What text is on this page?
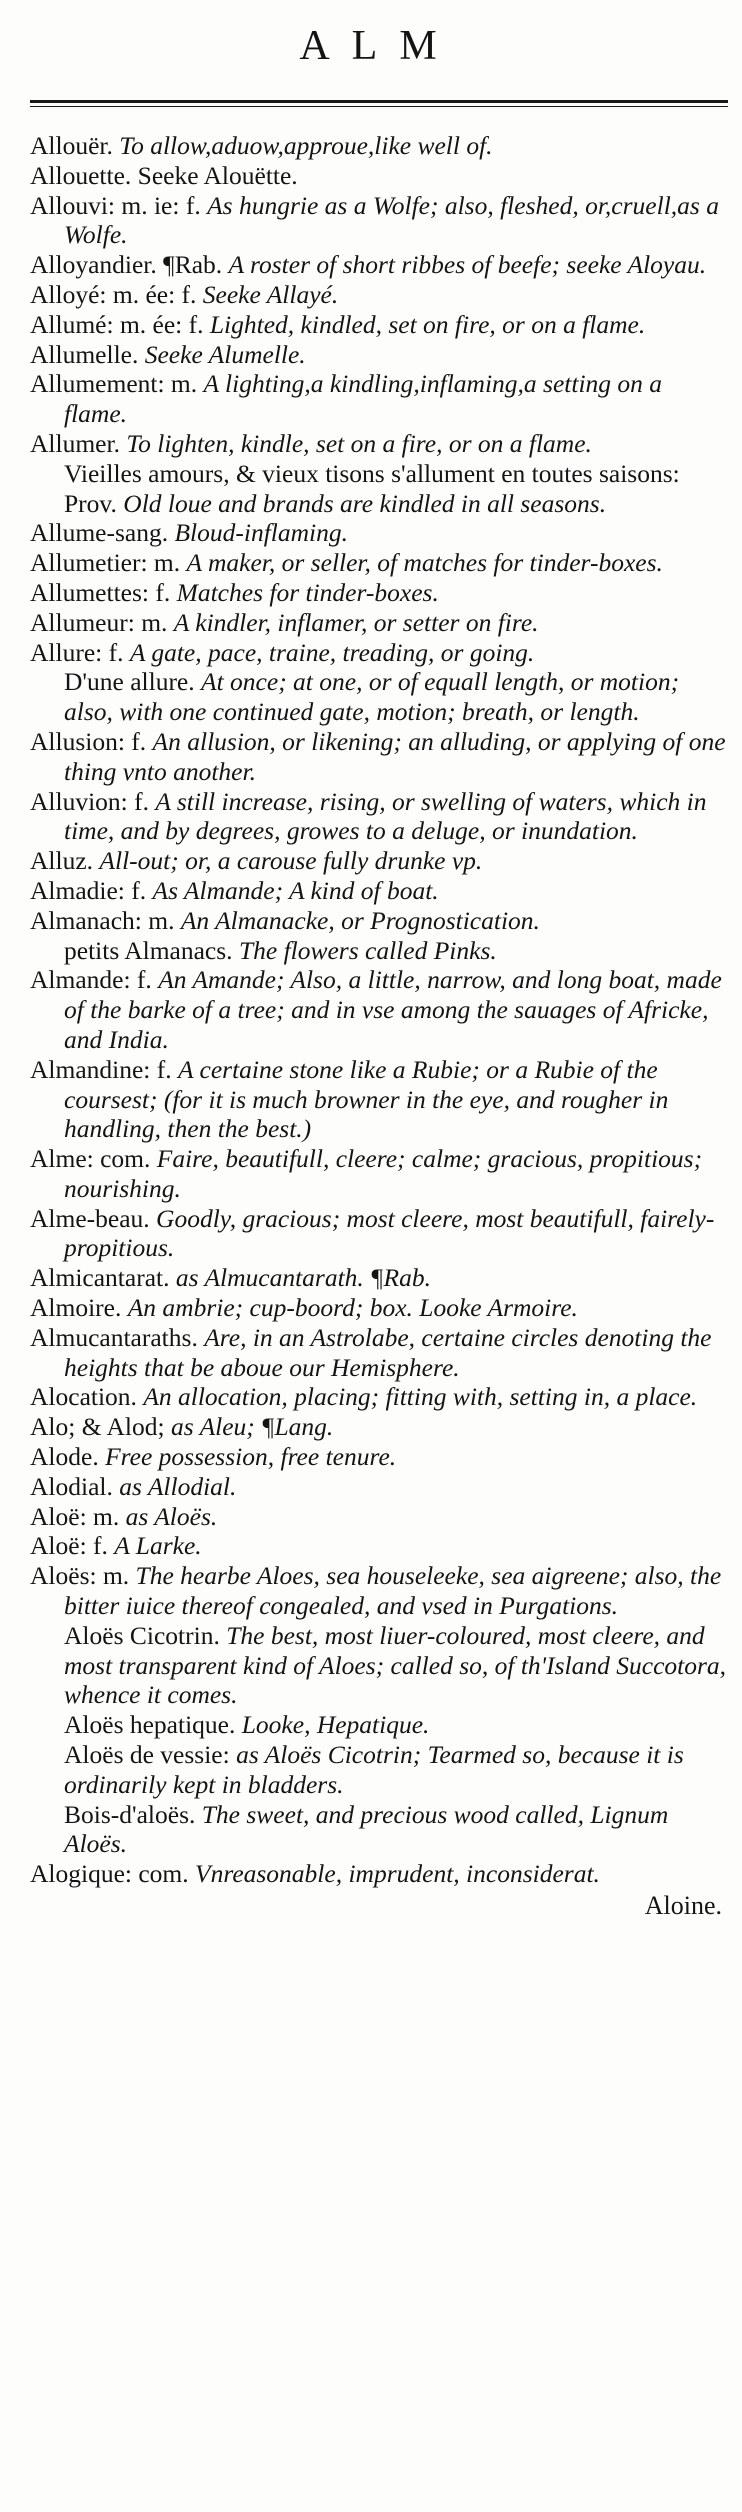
ALM

Allouër. To allow,aduow,approue,like well of.

Allouette. Seeke Alouëtte.

Allouvi: m. ie: f. As hungrie as a Wolfe; also, fleshed, or,cruell,as a Wolfe.

Alloyandier. ¶Rab. A roster of short ribbes of beefe; seeke Aloyau.

Alloyé: m. ée: f. Seeke Allayé.

Allumé: m. ée: f. Lighted, kindled, set on fire, or on a flame.

Allumelle. Seeke Alumelle.

Allumement: m. A lighting,a kindling,inflaming,a setting on a flame.

Allumer. To lighten, kindle, set on a fire, or on a flame.

Vieilles amours, & vieux tisons s'allument en toutes saisons: Prov. Old loue and brands are kindled in all seasons.

Allume-sang. Bloud-inflaming.

Allumetier: m. A maker, or seller, of matches for tinder-boxes.

Allumettes: f. Matches for tinder-boxes.

Allumeur: m. A kindler, inflamer, or setter on fire.

Allure: f. A gate, pace, traine, treading, or going.

D'une allure. At once; at one, or of equall length, or motion; also, with one continued gate, motion; breath, or length.

Allusion: f. An allusion, or likening; an alluding, or applying of one thing vnto another.

Alluvion: f. A still increase, rising, or swelling of waters, which in time, and by degrees, growes to a deluge, or inundation.

Alluz. All-out; or, a carouse fully drunke vp.

Almadie: f. As Almande; A kind of boat.

Almanach: m. An Almanacke, or Prognostication.

petits Almanacs. The flowers called Pinks.

Almande: f. An Amande; Also, a little, narrow, and long boat, made of the barke of a tree; and in vse among the sauages of Africke, and India.

Almandine: f. A certaine stone like a Rubie; or a Rubie of the coursest; (for it is much browner in the eye, and rougher in handling, then the best.)

Alme: com. Faire, beautifull, cleere; calme; gracious, propitious; nourishing.

Alme-beau. Goodly, gracious; most cleere, most beautifull, fairely-propitious.

Almicantarat. as Almucantarath. ¶Rab.

Almoire. An ambrie; cup-boord; box. Looke Armoire.

Almucantaraths. Are, in an Astrolabe, certaine circles denoting the heights that be aboue our Hemisphere.

Alocation. An allocation, placing; fitting with, setting in, a place.

Alo; & Alod; as Aleu; ¶Lang.

Alode. Free possession, free tenure.

Alodial. as Allodial.

Aloë: m. as Aloës.

Aloë: f. A Larke.

Aloës: m. The hearbe Aloes, sea houseleeke, sea aigreene; also, the bitter iuice thereof congealed, and vsed in Purgations.

Aloës Cicotrin. The best, most liuer-coloured, most cleere, and most transparent kind of Aloes; called so, of th'Island Succotora, whence it comes.

Aloës hepatique. Looke, Hepatique.

Aloës de vessie: as Aloës Cicotrin; Tearmed so, because it is ordinarily kept in bladders.

Bois-d'aloës. The sweet, and precious wood called, Lignum Aloës.

Alogique: com. Vnreasonable, imprudent, inconsiderat.

Aloine.
